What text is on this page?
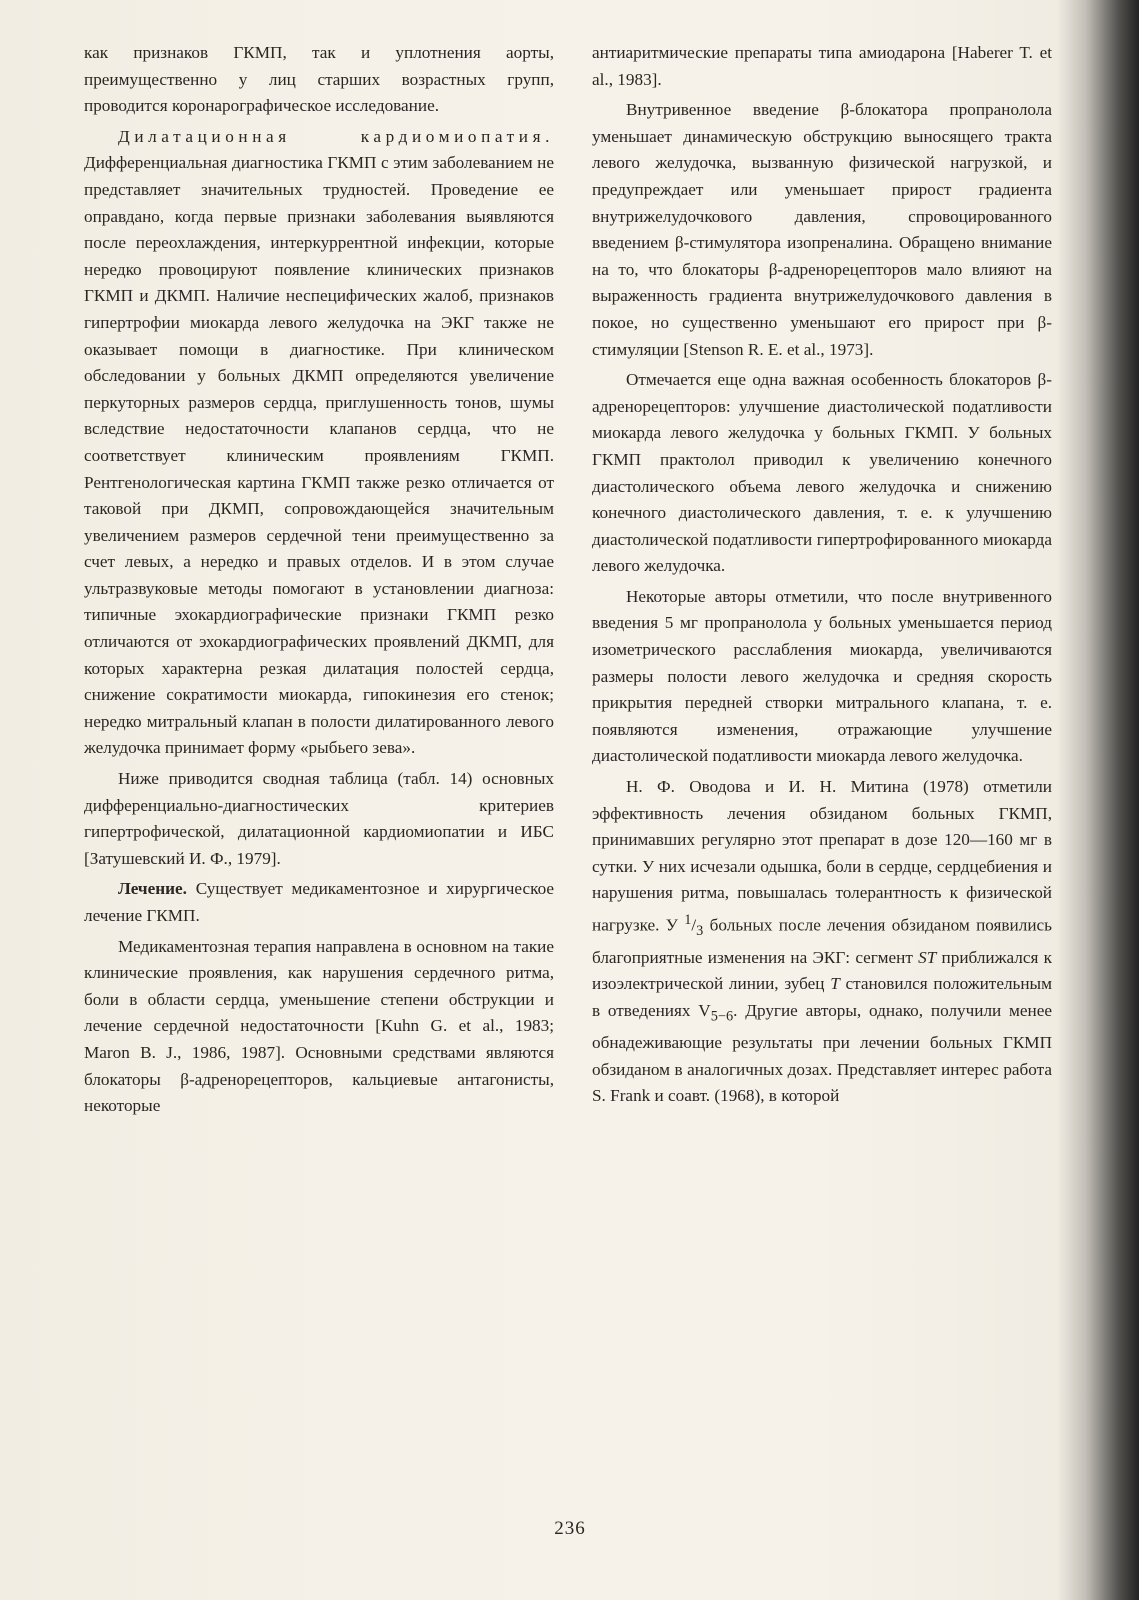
как признаков ГКМП, так и уплотнения аорты, преимущественно у лиц старших возрастных групп, проводится коронарографическое исследование.

Дилатационная кардиомиопатия. Дифференциальная диагностика ГКМП с этим заболеванием не представляет значительных трудностей. Проведение ее оправдано, когда первые признаки заболевания выявляются после переохлаждения, интеркуррентной инфекции, которые нередко провоцируют появление клинических признаков ГКМП и ДКМП. Наличие неспецифических жалоб, признаков гипертрофии миокарда левого желудочка на ЭКГ также не оказывает помощи в диагностике. При клиническом обследовании у больных ДКМП определяются увеличение перкуторных размеров сердца, приглушенность тонов, шумы вследствие недостаточности клапанов сердца, что не соответствует клиническим проявлениям ГКМП. Рентгенологическая картина ГКМП также резко отличается от таковой при ДКМП, сопровождающейся значительным увеличением размеров сердечной тени преимущественно за счет левых, а нередко и правых отделов. И в этом случае ультразвуковые методы помогают в установлении диагноза: типичные эхокардиографические признаки ГКМП резко отличаются от эхокардиографических проявлений ДКМП, для которых характерна резкая дилатация полостей сердца, снижение сократимости миокарда, гипокинезия его стенок; нередко митральный клапан в полости дилатированного левого желудочка принимает форму «рыбьего зева».

Ниже приводится сводная таблица (табл. 14) основных дифференциально-диагностических критериев гипертрофической, дилатационной кардиомиопатии и ИБС [Затушевский И. Ф., 1979].

Лечение. Существует медикаментозное и хирургическое лечение ГКМП.

Медикаментозная терапия направлена в основном на такие клинические проявления, как нарушения сердечного ритма, боли в области сердца, уменьшение степени обструкции и лечение сердечной недостаточности [Kuhn G. et al., 1983; Maron B. J., 1986, 1987]. Основными средствами являются блокаторы β-адренорецепторов, кальциевые антагонисты, некоторые

антиаритмические препараты типа амиодарона [Haberer T. et al., 1983].

Внутривенное введение β-блокатора пропранолола уменьшает динамическую обструкцию выносящего тракта левого желудочка, вызванную физической нагрузкой, и предупреждает или уменьшает прирост градиента внутрижелудочкового давления, спровоцированного введением β-стимулятора изопреналина. Обращено внимание на то, что блокаторы β-адренорецепторов мало влияют на выраженность градиента внутрижелудочкового давления в покое, но существенно уменьшают его прирост при β-стимуляции [Stenson R. E. et al., 1973].

Отмечается еще одна важная особенность блокаторов β-адренорецепторов: улучшение диастолической податливости миокарда левого желудочка у больных ГКМП. У больных ГКМП практолол приводил к увеличению конечного диастолического объема левого желудочка и снижению конечного диастолического давления, т. е. к улучшению диастолической податливости гипертрофированного миокарда левого желудочка.

Некоторые авторы отметили, что после внутривенного введения 5 мг пропранолола у больных уменьшается период изометрического расслабления миокарда, увеличиваются размеры полости левого желудочка и средняя скорость прикрытия передней створки митрального клапана, т. е. появляются изменения, отражающие улучшение диастолической податливости миокарда левого желудочка.

Н. Ф. Оводова и И. Н. Митина (1978) отметили эффективность лечения обзиданом больных ГКМП, принимавших регулярно этот препарат в дозе 120—160 мг в сутки. У них исчезали одышка, боли в сердце, сердцебиения и нарушения ритма, повышалась толерантность к физической нагрузке. У $^1/_3$ больных после лечения обзиданом появились благоприятные изменения на ЭКГ: сегмент ST приближался к изоэлектрической линии, зубец T становился положительным в отведениях $V_{5-6}$. Другие авторы, однако, получили менее обнадеживающие результаты при лечении больных ГКМП обзиданом в аналогичных дозах. Представляет интерес работа S. Frank и соавт. (1968), в которой

236
